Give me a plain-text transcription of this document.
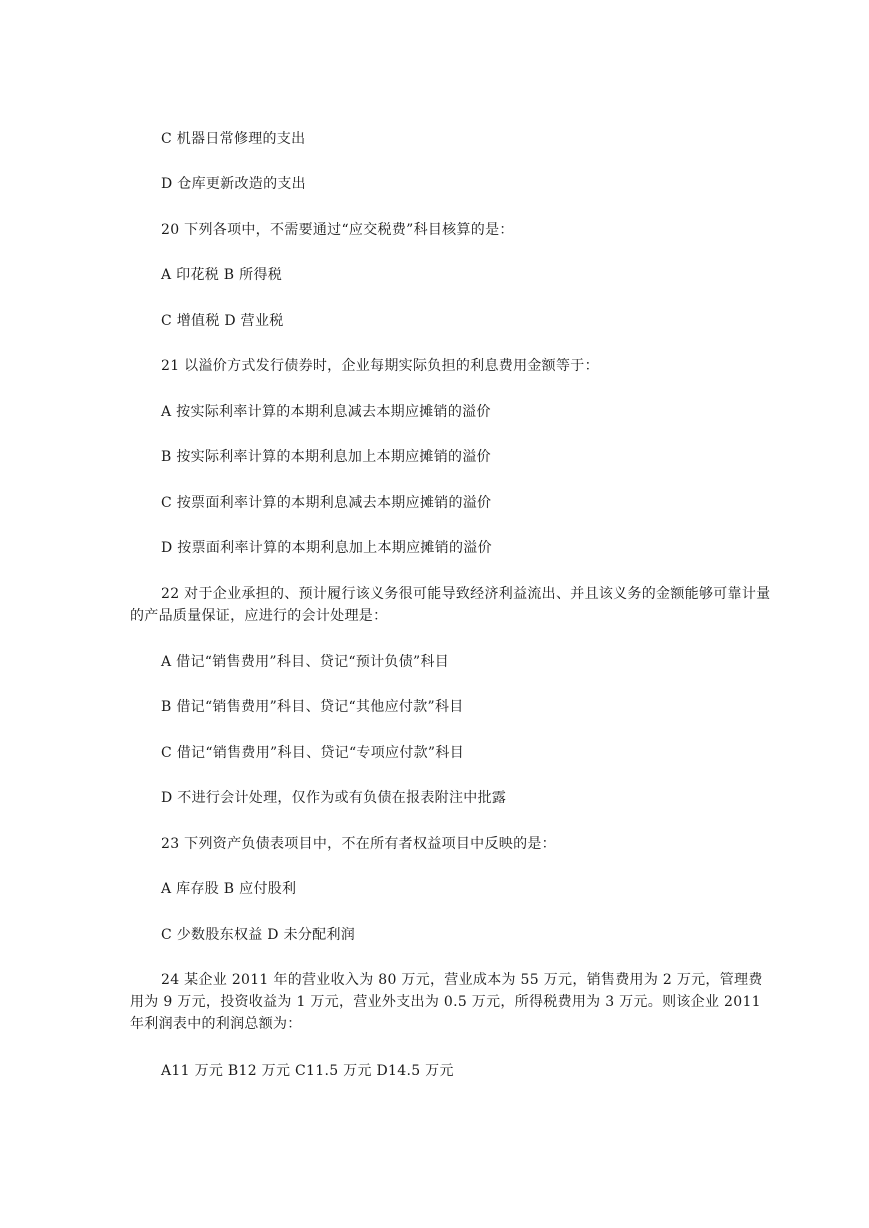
C 机器日常修理的支出
D 仓库更新改造的支出
20 下列各项中，不需要通过“应交税费”科目核算的是：
A 印花税 B 所得税
C 增值税 D 营业税
21 以溢价方式发行债券时，企业每期实际负担的利息费用金额等于：
A 按实际利率计算的本期利息减去本期应摊销的溢价
B 按实际利率计算的本期利息加上本期应摊销的溢价
C 按票面利率计算的本期利息减去本期应摊销的溢价
D 按票面利率计算的本期利息加上本期应摊销的溢价
22 对于企业承担的、预计履行该义务很可能导致经济利益流出、并且该义务的金额能够可靠计量的产品质量保证，应进行的会计处理是：
A 借记“销售费用”科目、贷记“预计负债”科目
B 借记“销售费用”科目、贷记“其他应付款”科目
C 借记“销售费用”科目、贷记“专项应付款”科目
D 不进行会计处理，仅作为或有负债在报表附注中批露
23 下列资产负债表项目中，不在所有者权益项目中反映的是：
A 库存股 B 应付股利
C 少数股东权益 D 未分配利润
24 某企业 2011 年的营业收入为 80 万元，营业成本为 55 万元，销售费用为 2 万元，管理费用为 9 万元，投资收益为 1 万元，营业外支出为 0.5 万元，所得税费用为 3 万元。则该企业 2011 年利润表中的利润总额为：
A11 万元 B12 万元 C11.5 万元 D14.5 万元
